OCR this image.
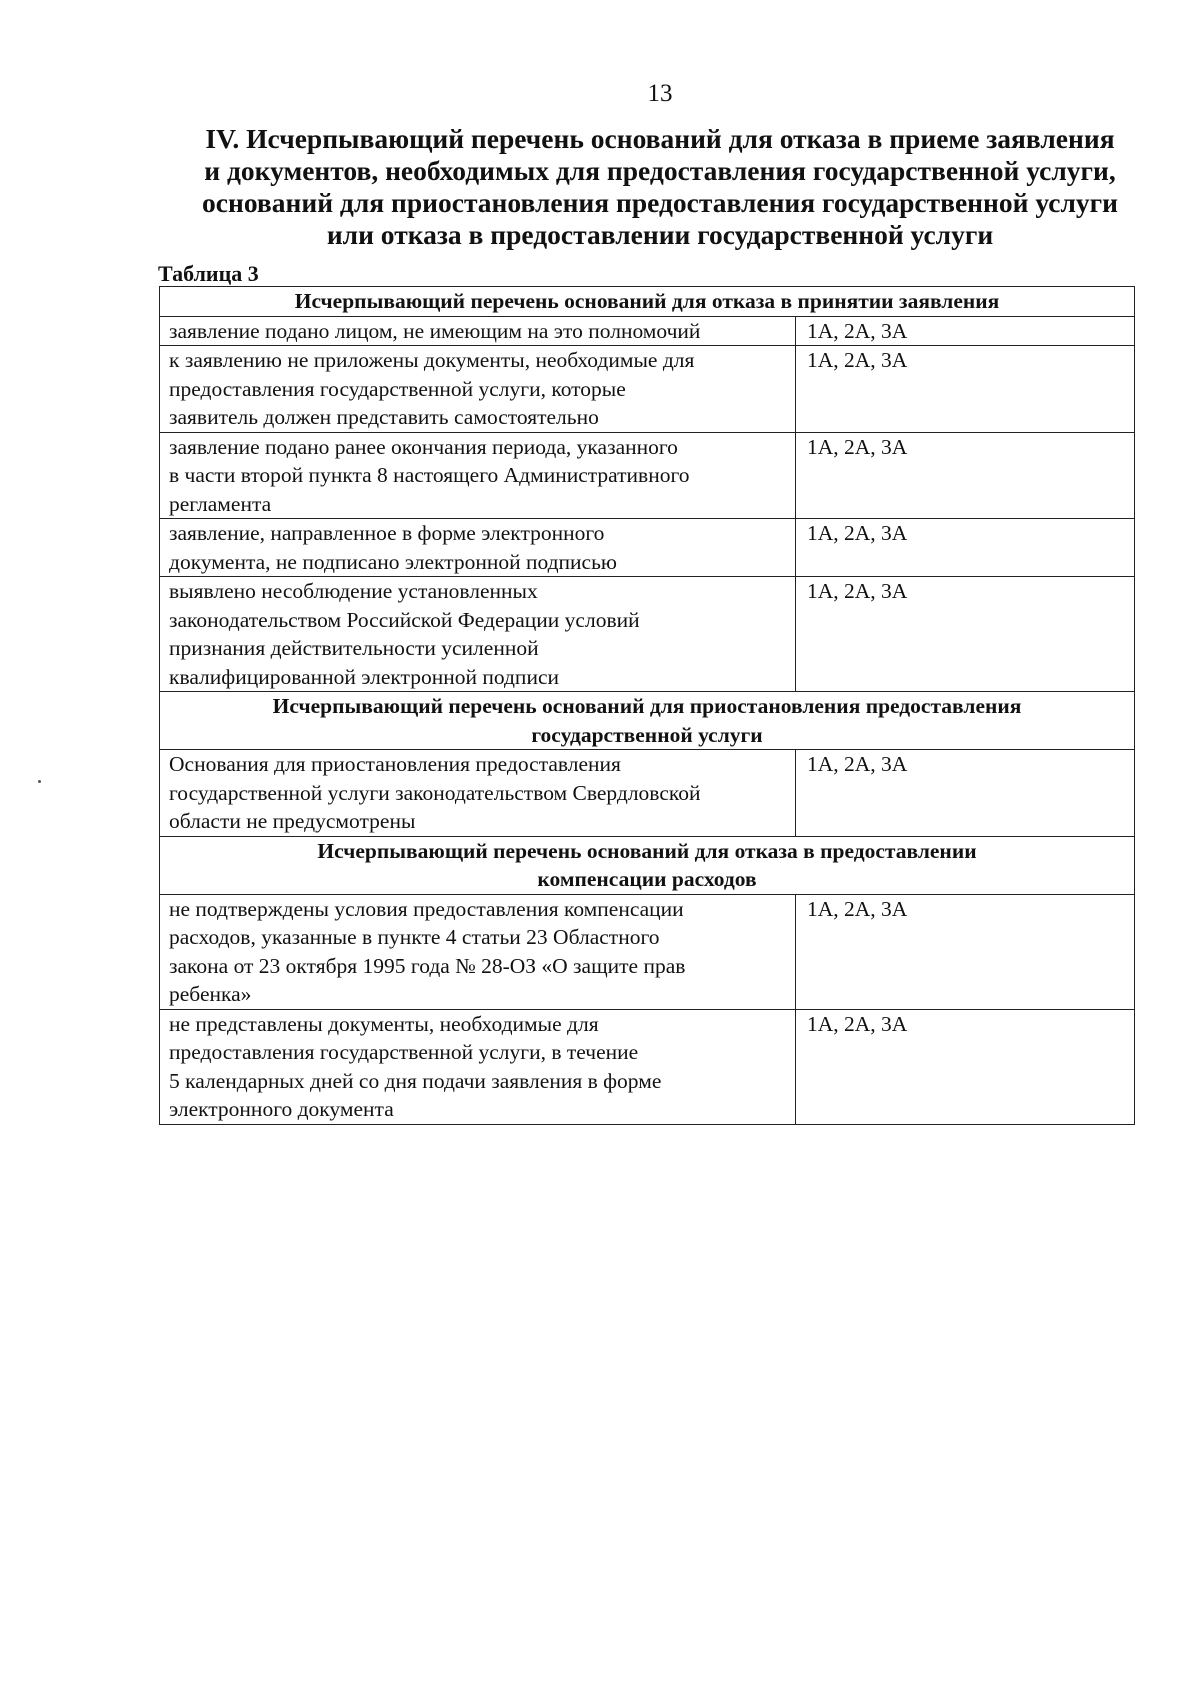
13
IV. Исчерпывающий перечень оснований для отказа в приеме заявления
и документов, необходимых для предоставления государственной услуги,
оснований для приостановления предоставления государственной услуги
или отказа в предоставлении государственной услуги
Таблица 3
Исчерпывающий перечень оснований для отказа в принятии заявления	

заявление подано лицом, не имеющим на это полномочий	1А, 2А, 3А

к заявлению не приложены документы, необходимые для
предоставления государственной услуги, которые
заявитель должен представить самостоятельно	1А, 2А, 3А

заявление подано ранее окончания периода, указанного
в части второй пункта 8 настоящего Административного
регламента	1А, 2А, 3А

заявление, направленное в форме электронного
документа, не подписано электронной подписью	1А, 2А, 3А

выявлено несоблюдение установленных
законодательством Российской Федерации условий
признания действительности усиленной
квалифицированной электронной подписи	1А, 2А, 3А

Исчерпывающий перечень оснований для приостановления предоставления
государственной услуги	

Основания для приостановления предоставления
государственной услуги законодательством Свердловской
области не предусмотрены	1А, 2А, 3А

Исчерпывающий перечень оснований для отказа в предоставлении
компенсации расходов	

не подтверждены условия предоставления компенсации
расходов, указанные в пункте 4 статьи 23 Областного
закона от 23 октября 1995 года № 28-ОЗ «О защите прав
ребенка»	1А, 2А, 3А

не представлены документы, необходимые для
предоставления государственной услуги, в течение
5 календарных дней со дня подачи заявления в форме
электронного документа	1А, 2А, 3А
